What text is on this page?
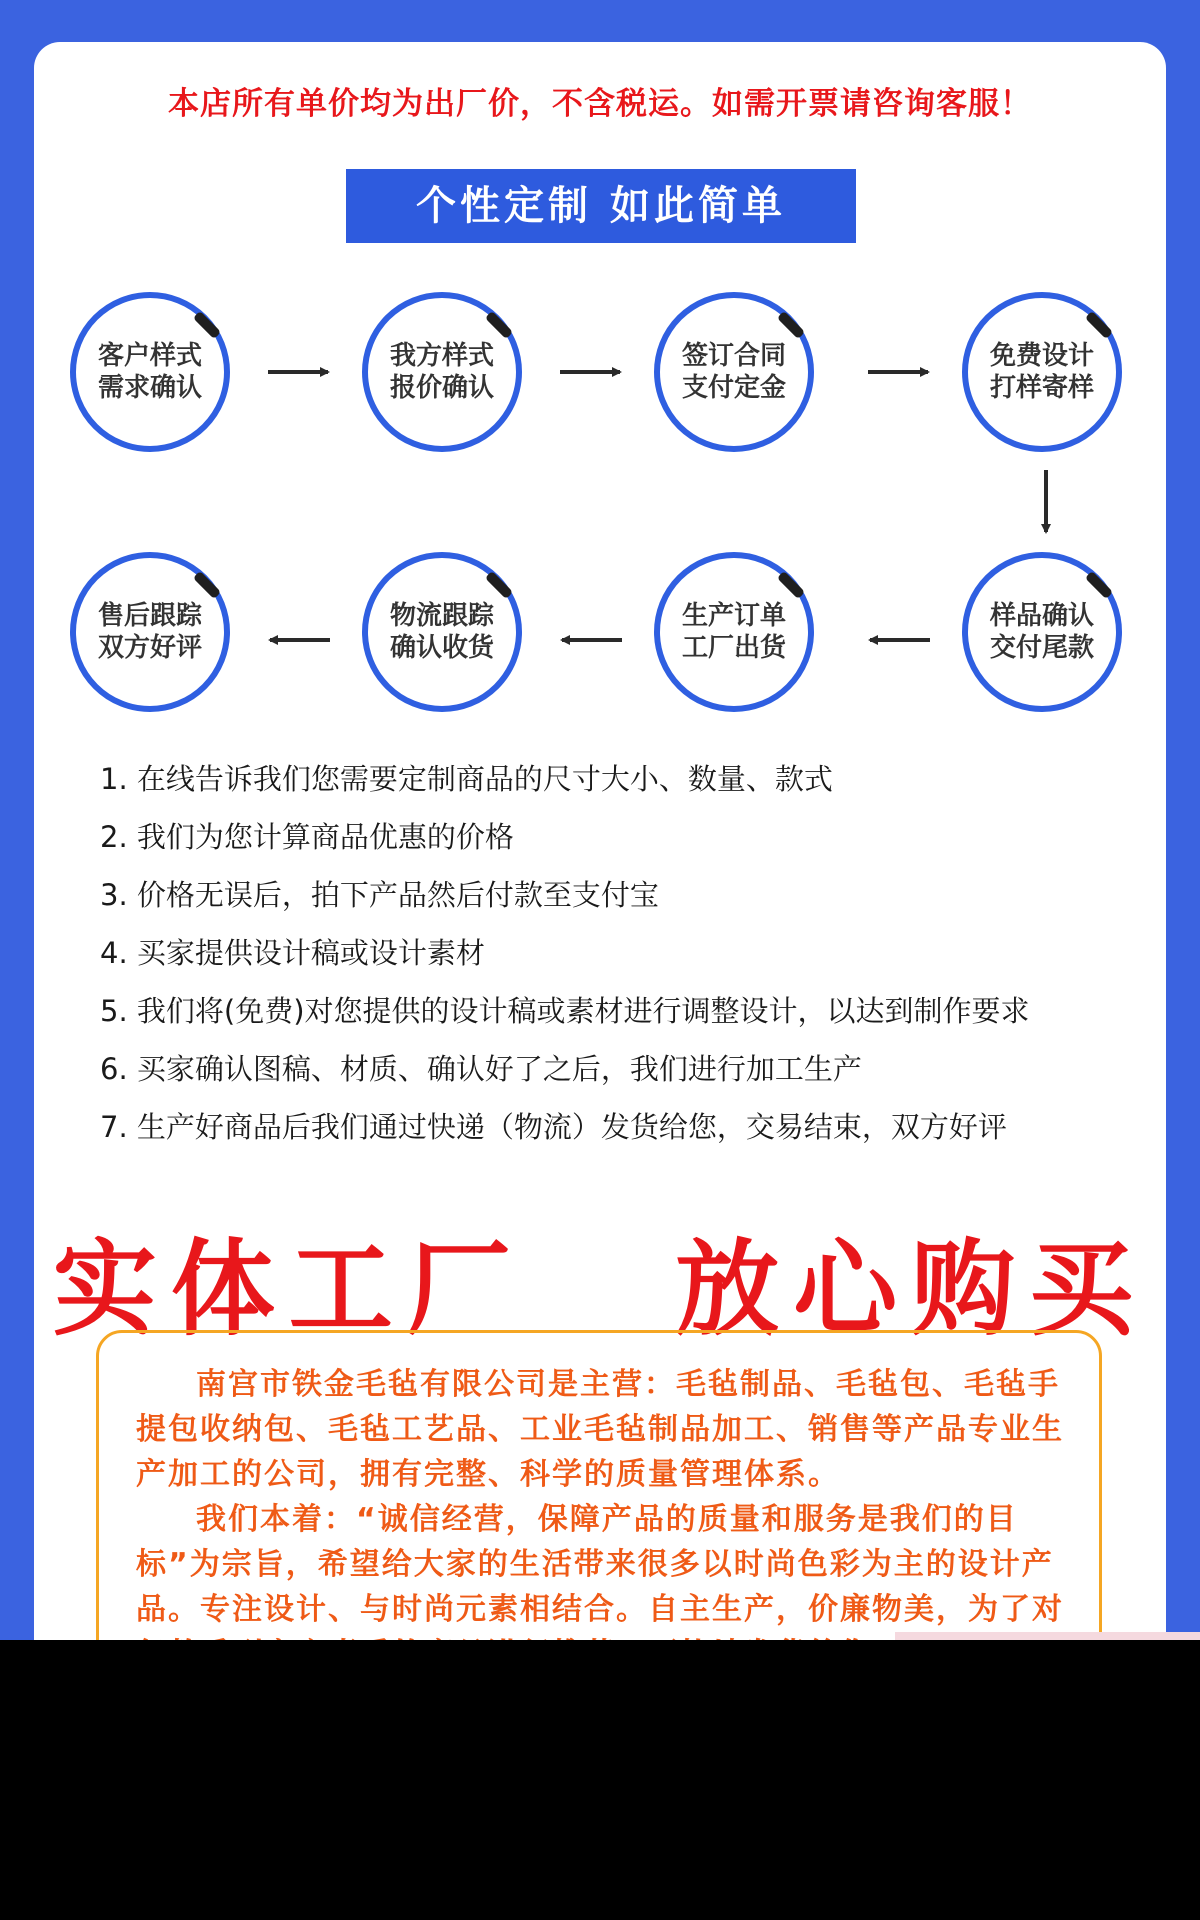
本店所有单价均为出厂价，不含税运。如需开票请咨询客服！
个性定制 如此简单
客户样式
需求确认
我方样式
报价确认
签订合同
支付定金
免费设计
打样寄样
售后跟踪
双方好评
物流跟踪
确认收货
生产订单
工厂出货
样品确认
交付尾款
1. 在线告诉我们您需要定制商品的尺寸大小、数量、款式
2. 我们为您计算商品优惠的价格
3. 价格无误后，拍下产品然后付款至支付宝
4. 买家提供设计稿或设计素材
5. 我们将(免费)对您提供的设计稿或素材进行调整设计，以达到制作要求
6. 买家确认图稿、材质、确认好了之后，我们进行加工生产
7. 生产好商品后我们通过快递（物流）发货给您，交易结束，双方好评
实体工厂   放心购买

南宫市铁金毛毡有限公司是主营：毛毡制品、毛毡包、毛毡手提包收纳包、毛毡工艺品、工业毛毡制品加工、销售等产品专业生产加工的公司，拥有完整、科学的质量管理体系。

我们本着：“诚信经营，保障产品的质量和服务是我们的目标”为宗旨，希望给大家的生活带来很多以时尚色彩为主的设计产品。专注设计、与时尚元素相结合。自主生产，价廉物美，为了对
